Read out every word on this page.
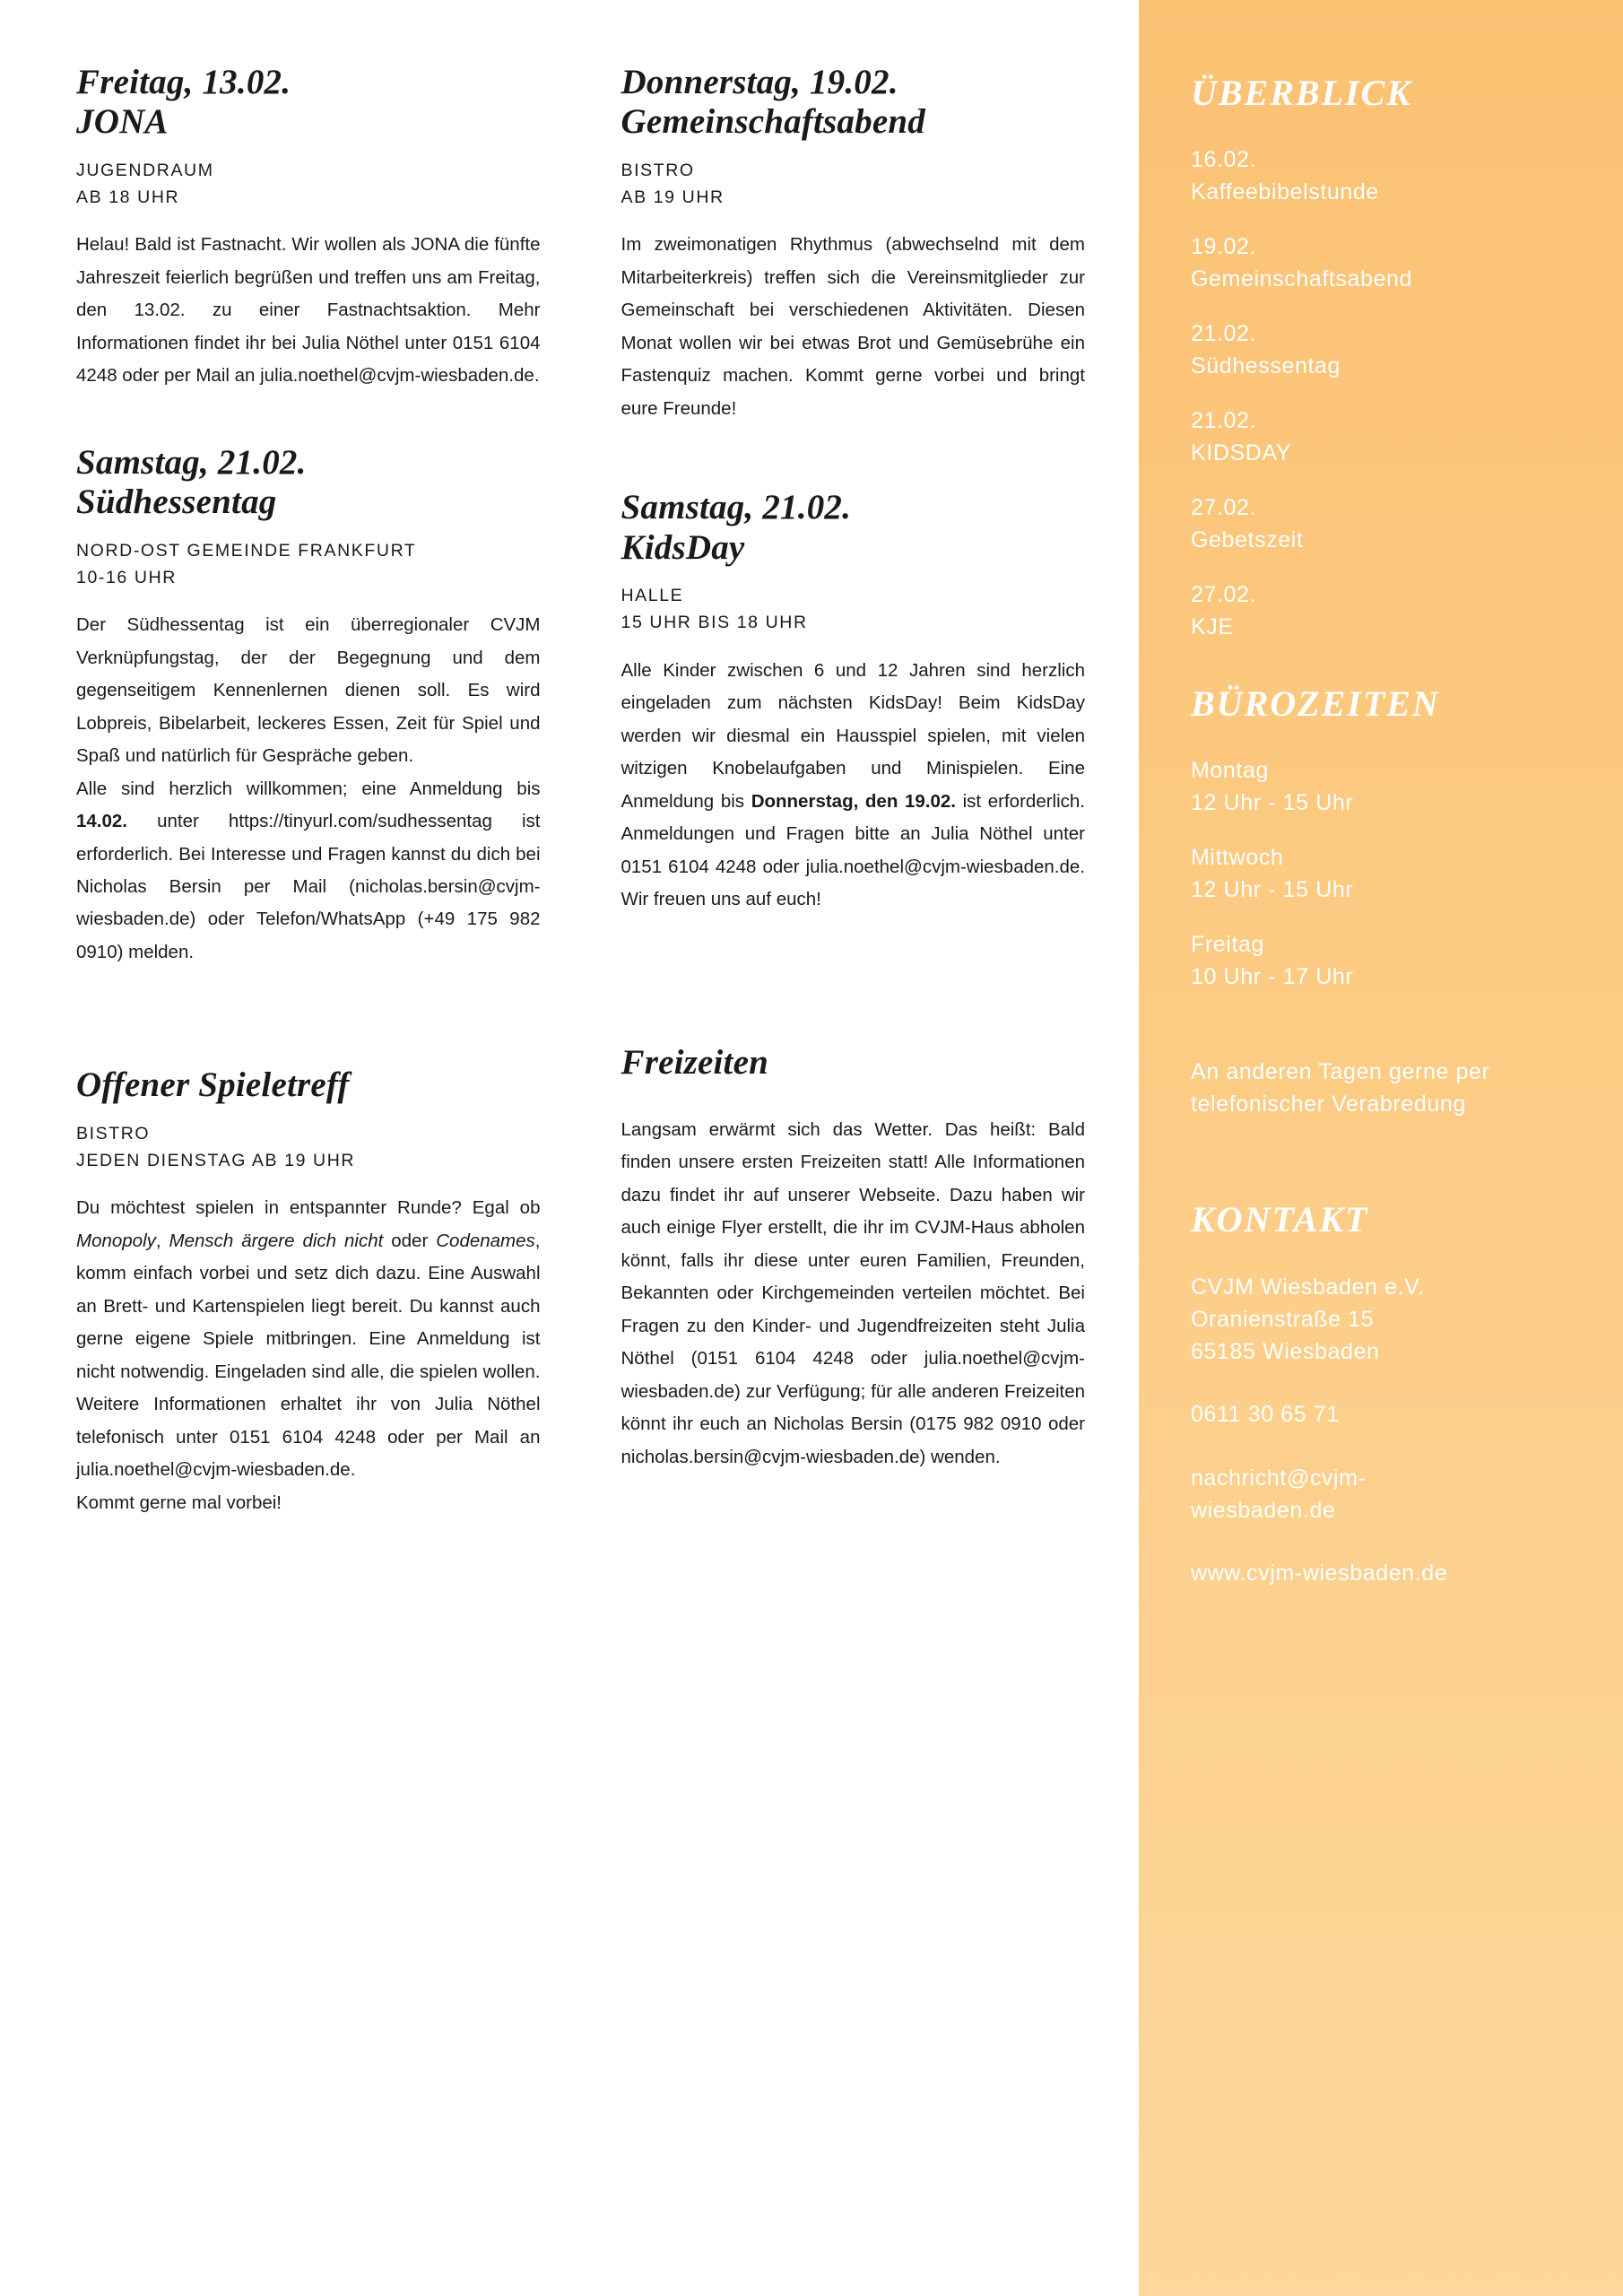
Freitag, 13.02.
JONA

JUGENDRAUM
AB 18 UHR

Helau! Bald ist Fastnacht. Wir wollen als JONA die fünfte Jahreszeit feierlich begrüßen und treffen uns am Freitag, den 13.02. zu einer Fastnachtsaktion. Mehr Informationen findet ihr bei Julia Nöthel unter 0151 6104 4248 oder per Mail an julia.noethel@cvjm-wiesbaden.de.

Samstag, 21.02.
Südhessentag

NORD-OST GEMEINDE FRANKFURT
10-16 UHR

Der Südhessentag ist ein überregionaler CVJM Verknüpfungstag, der der Begegnung und dem gegenseitigem Kennenlernen dienen soll. Es wird Lobpreis, Bibelarbeit, leckeres Essen, Zeit für Spiel und Spaß und natürlich für Gespräche geben.

Alle sind herzlich willkommen; eine Anmeldung bis 14.02. unter https://tinyurl.com/sudhessentag ist erforderlich. Bei Interesse und Fragen kannst du dich bei Nicholas Bersin per Mail (nicholas.bersin@cvjm-wiesbaden.de) oder Telefon/WhatsApp (+49 175 982 0910) melden.

Offener Spieletreff

BISTRO
JEDEN DIENSTAG AB 19 UHR

Du möchtest spielen in entspannter Runde? Egal ob Monopoly, Mensch ärgere dich nicht oder Codenames, komm einfach vorbei und setz dich dazu. Eine Auswahl an Brett- und Kartenspielen liegt bereit. Du kannst auch gerne eigene Spiele mitbringen. Eine Anmeldung ist nicht notwendig. Eingeladen sind alle, die spielen wollen. Weitere Informationen erhaltet ihr von Julia Nöthel telefonisch unter 0151 6104 4248 oder per Mail an julia.noethel@cvjm-wiesbaden.de.

Kommt gerne mal vorbei!

Donnerstag, 19.02.
Gemeinschaftsabend

BISTRO
AB 19 UHR

Im zweimonatigen Rhythmus (abwechselnd mit dem Mitarbeiterkreis) treffen sich die Vereinsmitglieder zur Gemeinschaft bei verschiedenen Aktivitäten. Diesen Monat wollen wir bei etwas Brot und Gemüsebrühe ein Fastenquiz machen. Kommt gerne vorbei und bringt eure Freunde!

Samstag, 21.02.
KidsDay

HALLE
15 UHR BIS 18 UHR

Alle Kinder zwischen 6 und 12 Jahren sind herzlich eingeladen zum nächsten KidsDay! Beim KidsDay werden wir diesmal ein Hausspiel spielen, mit vielen witzigen Knobelaufgaben und Minispielen. Eine Anmeldung bis Donnerstag, den 19.02. ist erforderlich. Anmeldungen und Fragen bitte an Julia Nöthel unter 0151 6104 4248 oder julia.noethel@cvjm-wiesbaden.de. Wir freuen uns auf euch!

Freizeiten

Langsam erwärmt sich das Wetter. Das heißt: Bald finden unsere ersten Freizeiten statt! Alle Informationen dazu findet ihr auf unserer Webseite. Dazu haben wir auch einige Flyer erstellt, die ihr im CVJM-Haus abholen könnt, falls ihr diese unter euren Familien, Freunden, Bekannten oder Kirchgemeinden verteilen möchtet. Bei Fragen zu den Kinder- und Jugendfreizeiten steht Julia Nöthel (0151 6104 4248 oder julia.noethel@cvjm-wiesbaden.de) zur Verfügung; für alle anderen Freizeiten könnt ihr euch an Nicholas Bersin (0175 982 0910 oder nicholas.bersin@cvjm-wiesbaden.de) wenden.

ÜBERBLICK
16.02.
Kaffeebibelstunde
19.02.
Gemeinschaftsabend
21.02.
Südhessentag
21.02.
KIDSDAY
27.02.
Gebetszeit
27.02.
KJE
BÜROZEITEN
Montag
12 Uhr - 15 Uhr
Mittwoch
12 Uhr - 15 Uhr
Freitag
10 Uhr - 17 Uhr
An anderen Tagen gerne per telefonischer Verabredung
KONTAKT
CVJM Wiesbaden e.V.
Oranienstraße 15
65185 Wiesbaden
0611 30 65 71
nachricht@cvjm-
wiesbaden.de
www.cvjm-wiesbaden.de
